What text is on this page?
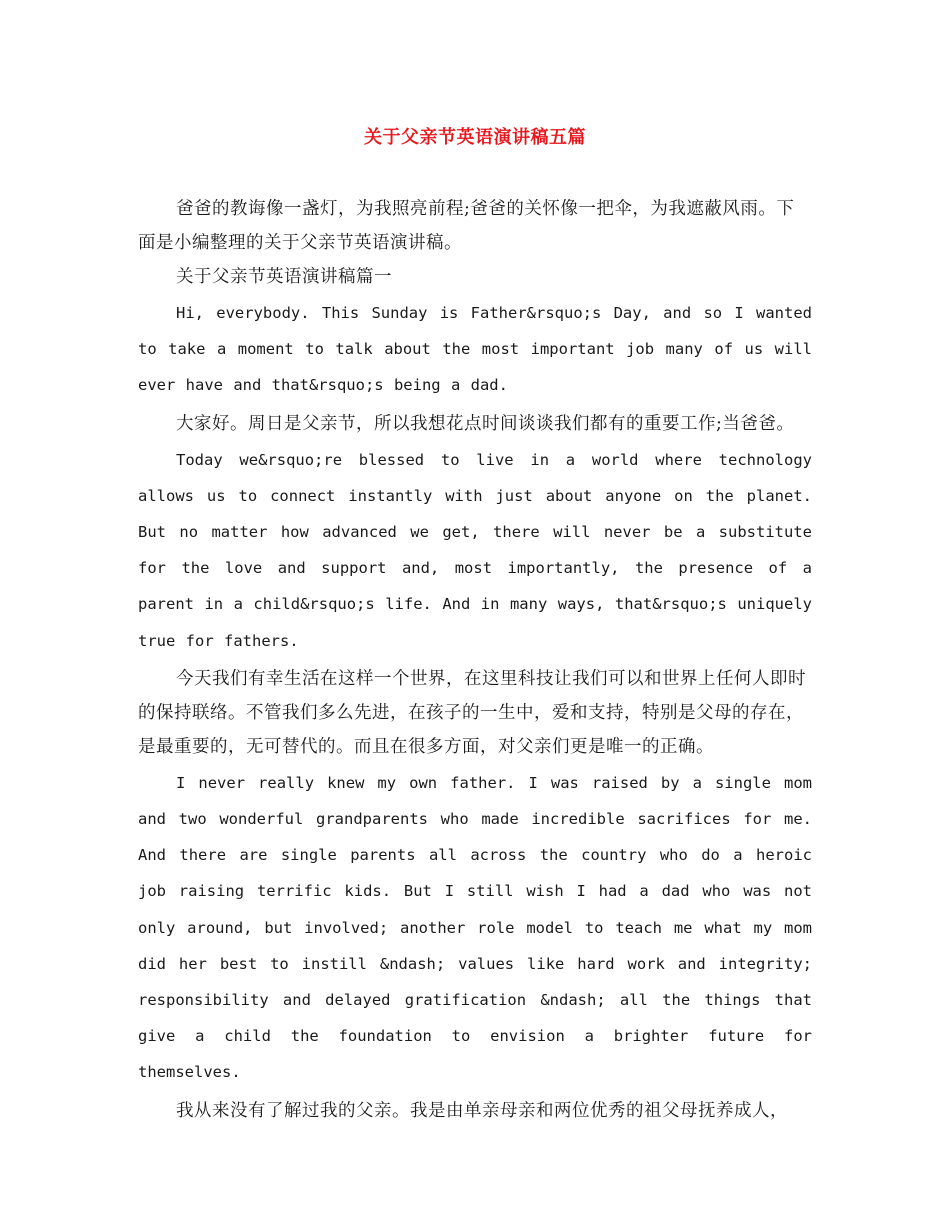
关于父亲节英语演讲稿五篇

爸爸的教诲像一盏灯，为我照亮前程;爸爸的关怀像一把伞，为我遮蔽风雨。下面是小编整理的关于父亲节英语演讲稿。

关于父亲节英语演讲稿篇一

Hi, everybody. This Sunday is Father&rsquo;s Day, and so I wanted to take a moment to talk about the most important job many of us will ever have and that&rsquo;s being a dad.

大家好。周日是父亲节，所以我想花点时间谈谈我们都有的重要工作;当爸爸。

Today we&rsquo;re blessed to live in a world where technology allows us to connect instantly with just about anyone on the planet. But no matter how advanced we get, there will never be a substitute for the love and support and, most importantly, the presence of a parent in a child&rsquo;s life. And in many ways, that&rsquo;s uniquely true for fathers.

今天我们有幸生活在这样一个世界，在这里科技让我们可以和世界上任何人即时的保持联络。不管我们多么先进，在孩子的一生中，爱和支持，特别是父母的存在，是最重要的，无可替代的。而且在很多方面，对父亲们更是唯一的正确。

I never really knew my own father. I was raised by a single mom and two wonderful grandparents who made incredible sacrifices for me. And there are single parents all across the country who do a heroic job raising terrific kids. But I still wish I had a dad who was not only around, but involved; another role model to teach me what my mom did her best to instill &ndash; values like hard work and integrity; responsibility and delayed gratification &ndash; all the things that give a child the foundation to envision a brighter future for themselves.

我从来没有了解过我的父亲。我是由单亲母亲和两位优秀的祖父母抚养成人，
